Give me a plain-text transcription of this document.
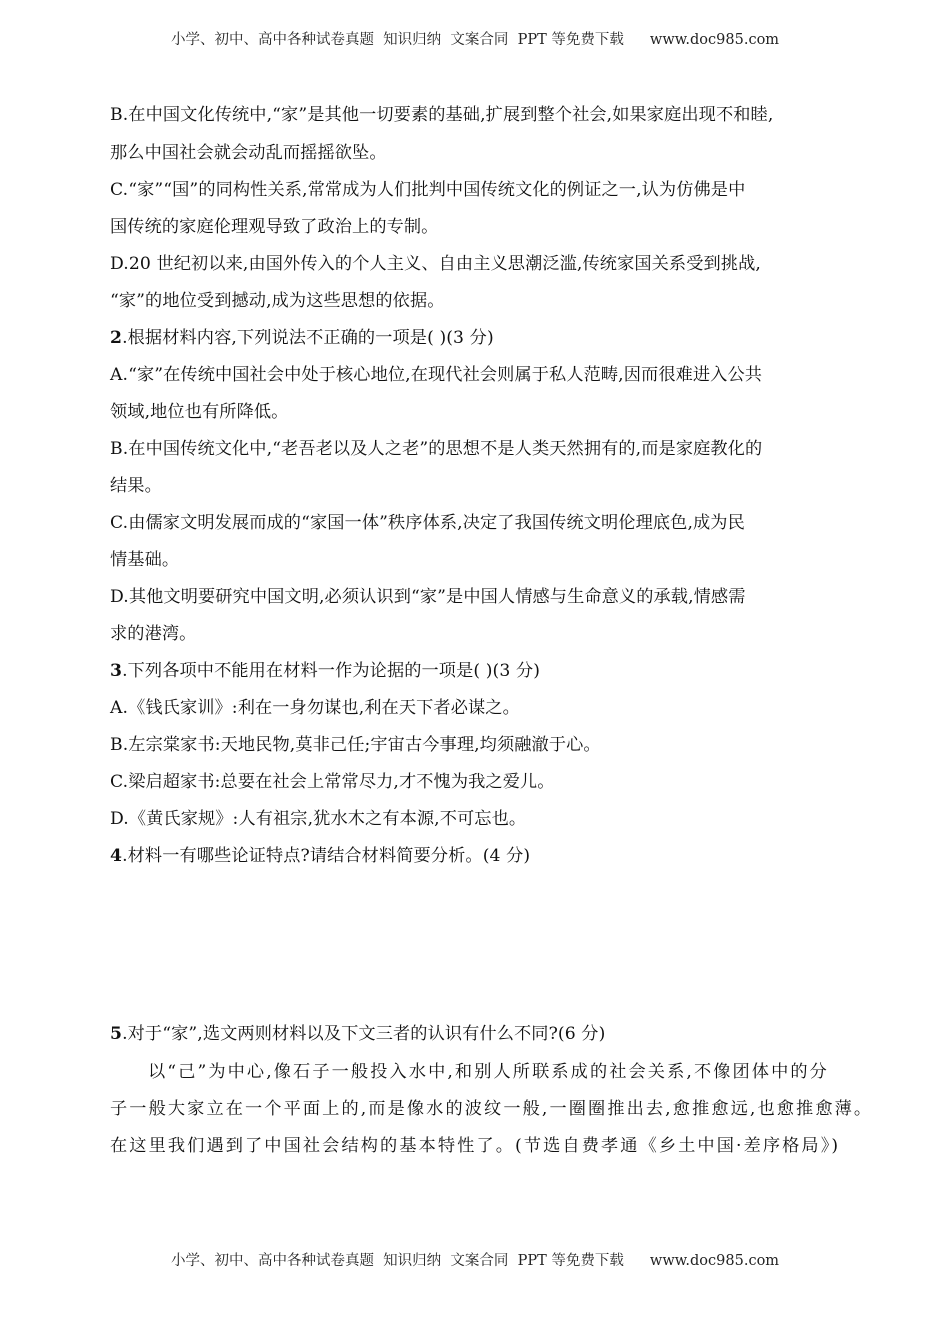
小学、初中、高中各种试卷真题  知识归纳  文案合同  PPT 等免费下载 www.doc985.com
B.在中国文化传统中,“家”是其他一切要素的基础,扩展到整个社会,如果家庭出现不和睦,
那么中国社会就会动乱而摇摇欲坠。
C.“家”“国”的同构性关系,常常成为人们批判中国传统文化的例证之一,认为仿佛是中
国传统的家庭伦理观导致了政治上的专制。
D.20 世纪初以来,由国外传入的个人主义、自由主义思潮泛滥,传统家国关系受到挑战,
“家”的地位受到撼动,成为这些思想的依据。
2.根据材料内容,下列说法不正确的一项是( )(3 分)
A.“家”在传统中国社会中处于核心地位,在现代社会则属于私人范畴,因而很难进入公共
领域,地位也有所降低。
B.在中国传统文化中,“老吾老以及人之老”的思想不是人类天然拥有的,而是家庭教化的
结果。
C.由儒家文明发展而成的“家国一体”秩序体系,决定了我国传统文明伦理底色,成为民
情基础。
D.其他文明要研究中国文明,必须认识到“家”是中国人情感与生命意义的承载,情感需
求的港湾。
3.下列各项中不能用在材料一作为论据的一项是( )(3 分)
A.《钱氏家训》:利在一身勿谋也,利在天下者必谋之。
B.左宗棠家书:天地民物,莫非己任;宇宙古今事理,均须融澈于心。
C.梁启超家书:总要在社会上常常尽力,才不愧为我之爱儿。
D.《黄氏家规》:人有祖宗,犹水木之有本源,不可忘也。
4.材料一有哪些论证特点?请结合材料简要分析。(4 分)
5.对于“家”,选文两则材料以及下文三者的认识有什么不同?(6 分)
以“己”为中心,像石子一般投入水中,和别人所联系成的社会关系,不像团体中的分
子一般大家立在一个平面上的,而是像水的波纹一般,一圈圈推出去,愈推愈远,也愈推愈薄。
在这里我们遇到了中国社会结构的基本特性了。(节选自费孝通《乡土中国·差序格局》)
小学、初中、高中各种试卷真题  知识归纳  文案合同  PPT 等免费下载 www.doc985.com
